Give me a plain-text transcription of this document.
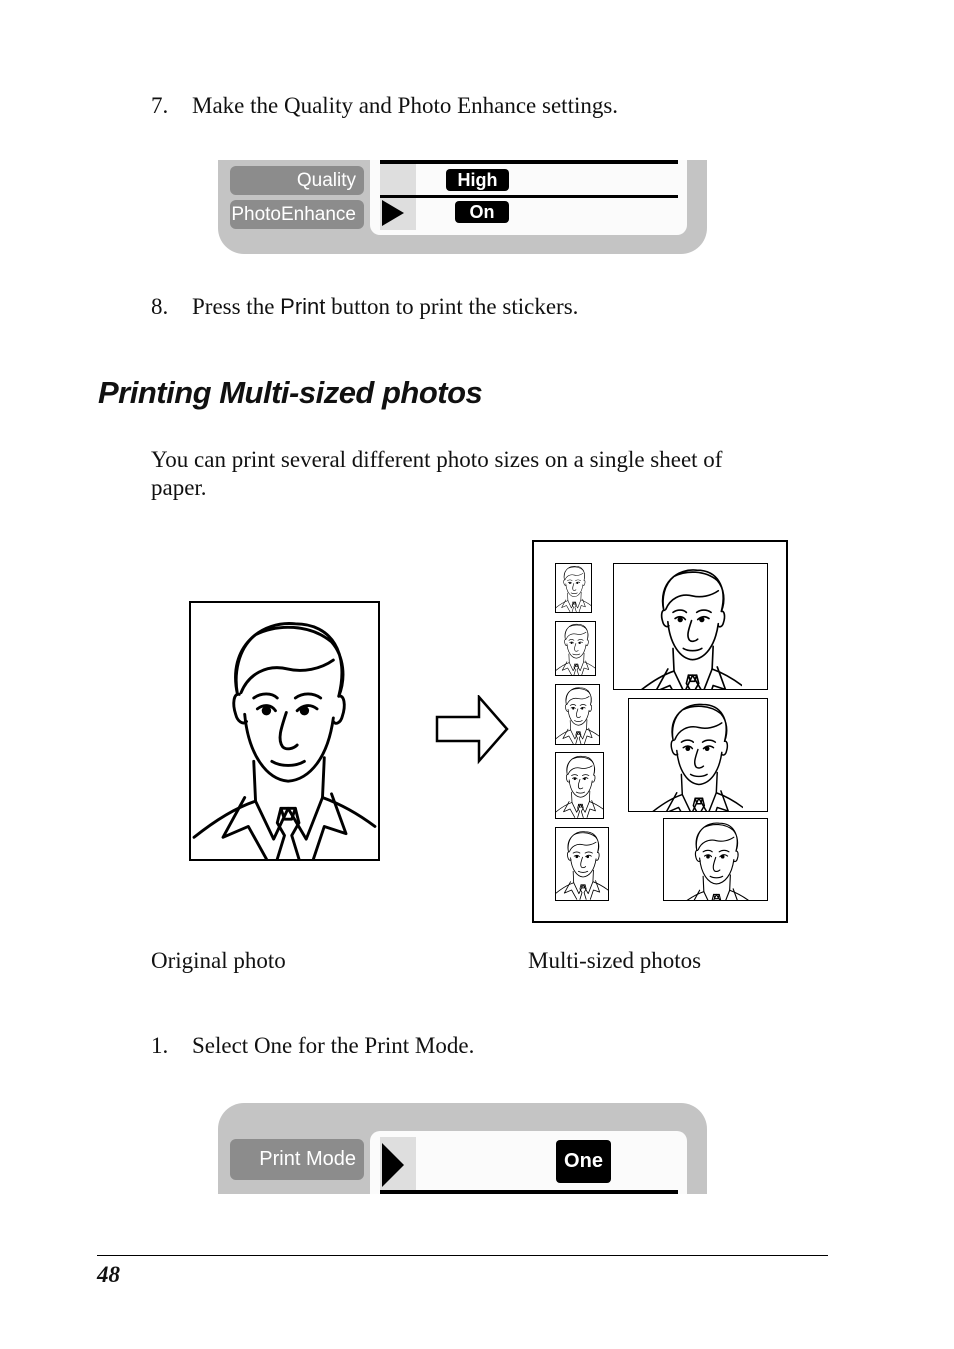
7. Make the Quality and Photo Enhance settings.
Quality
PhotoEnhance
High
On
8. Press the Print button to print the stickers.
Printing Multi-sized photos
You can print several different photo sizes on a single sheet of
paper.
Original photo	Multi-sized photos
1. Select One for the Print Mode.
Print Mode	One
48
